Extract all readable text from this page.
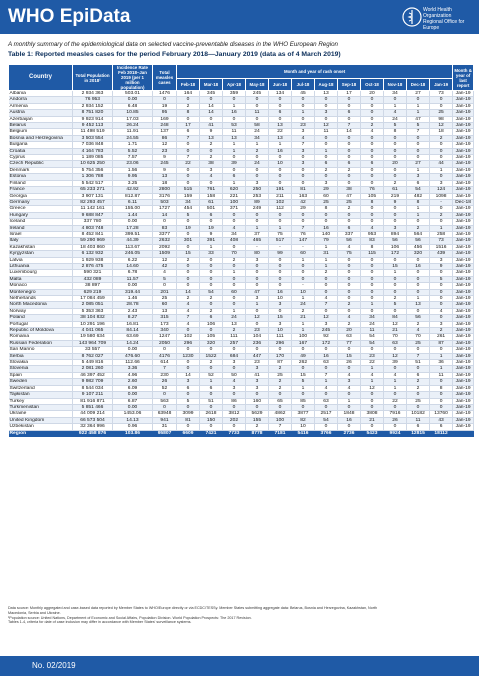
WHO EpiData	World Health
Organization
Regional Office for
Europe
A monthly summary of the epidemiological data on selected vaccine-preventable diseases in the WHO European Region
Table 1: Reported measles cases for the period February 2018—January 2019 (data as of 4 March 2019)
Country	Total Population in 2018¹	Incidence Rate Feb 2018–Jan 2019 (per 1 million population)	Total measles cases	Month and year of rash onset												Month & year of last report
				Feb-18	Mar-18	Apr-18	May-18	Jun-18	Jul-18	Aug-18	Sep-18	Oct-18	Nov-18	Dec-18	Jan-19	
Albania	2 934 363	503.01	1476	164	345	359	245	134	45	13	17	20	34	27	73	Jan-19
Andorra	76 953	0.00	0	0	0	0	0	0	0	0	0	0	0	0	0	Jan-19
Armenia	2 934 152	6.48	19	2	14	1	0	0	0	0	0	0	1	1	0	Jan-19
Austria	8 751 820	10.85	95	8	14	16	11	6	1	3	6	0	4	1	25	Jan-19
Azerbaijan	9 923 914	17.03	169	0	0	0	0	0	0	0	0	0	24	47	98	Jan-19
Belarus	9 452 113	26.24	248	17	41	53	58	13	23	12	7	2	5	5	12	Jan-19
Belgium	11 498 519	11.91	137	6	9	11	24	22	3	11	14	4	8	7	18	Jan-19
Bosnia and Herzegovina	3 503 554	24.55	86	7	13	13	34	13	4	0	0	0	0	0	2	Jan-19
Bulgaria	7 036 848	1.71	12	0	2	1	1	1	7	0	0	0	0	0	0	Jan-19
Croatia	4 164 783	5.52	23	0	0	1	2	16	3	1	0	0	0	0	0	Jan-19
Cyprus	1 189 085	7.57	9	7	2	0	0	0	0	0	0	0	0	0	0	Jan-19
Czech Republic	10 625 250	23.06	245	22	38	39	24	10	3	6	6	6	20	27	44	Jan-19
Denmark	5 754 356	1.56	9	0	3	0	0	0	0	2	2	0	0	1	1	Jan-19
Estonia	1 306 788	9.95	13	0	4	6	0	0	0	0	0	0	0	3	0	Jan-19
Finland	5 542 517	3.25	18	0	0	1	3	0	0	3	0	0	2	6	3	Jan-19
France	65 233 271	42.92	2800	515	761	620	250	191	81	29	38	76	61	54	124	Jan-19
Georgia	3 907 131	812.87	3176	159	158	221	253	211	163	60	47	105	219	482	1098	Jan-19
Germany	82 293 457	6.11	503	34	61	100	89	102	42	25	25	8	9	8	-	Dec-18
Greece	11 142 161	155.00	1727	454	501	371	249	112	29	8	2	0	0	1	0	Jan-19
Hungary	9 688 847	1.44	14	5	6	0	0	0	0	0	0	0	0	1	2	Jan-19
Iceland	337 780	0.00	0	0	0	0	0	0	0	0	0	0	0	0	0	Jan-19
Ireland	4 803 748	17.28	83	19	19	4	1	1	7	16	6	4	3	2	1	Jan-19
Israel	8 452 841	399.51	3377	0	9	34	37	75	76	140	337	953	894	564	258	Jan-19
Italy	59 290 969	44.39	2632	301	391	408	465	517	147	79	56	83	56	56	73	Jan-19
Kazakhstan	18 403 860	113.67	2092	0	1	0	-	-	-	1	4	8	106	456	1516	Jan-19
Kyrgyzstan	6 132 932	246.05	1509	15	33	70	80	99	60	31	75	115	172	320	439	Jan-19
Latvia	1 929 938	6.22	12	2	0	2	3	0	1	1	0	0	0	0	3	Jan-19
Lithuania	2 876 475	14.60	42	0	0	0	0	0	0	1	0	0	15	16	9	Jan-19
Luxembourg	590 321	6.78	4	0	0	1	0	0	0	2	0	0	1	0	0	Jan-19
Malta	432 089	11.57	5	0	0	0	0	0	0	0	0	0	0	0	5	Jan-19
Monaco	38 897	0.00	0	0	0	0	0	0	-	0	0	0	0	0	0	Jan-19
Montenegro	629 219	319.44	201	14	54	60	47	16	10	0	0	0	0	0	0	Jan-19
Netherlands	17 084 459	1.46	25	2	2	0	3	10	1	4	0	0	2	1	0	Jan-19
North Macedonia	2 085 051	28.78	60	4	0	0	1	3	24	7	2	1	5	13	0	Jan-19
Norway	5 353 363	2.43	13	4	2	1	0	0	2	0	0	0	0	0	4	Jan-19
Poland	38 104 832	8.27	315	7	6	24	12	15	21	12	4	34	84	56	0	Jan-19
Portugal	10 291 196	16.81	173	4	106	13	0	3	1	3	2	24	12	2	3	Jan-19
Republic of Moldova	4 041 065	84.14	340	0	0	2	23	10	1	245	20	11	21	4	2	Jan-19
Romania	19 580 634	63.69	1247	102	105	111	104	111	100	92	63	54	70	70	261	Jan-19
Russian Federation	143 964 709	14.24	2050	296	320	257	236	296	167	172	77	54	63	25	87	Jan-19
San Marino	33 557	0.00	0	0	0	0	0	0	0	0	0	0	0	0	0	Jan-19
Serbia	8 762 027	476.60	4176	1230	1522	684	447	170	49	16	15	23	12	7	1	Jan-19
Slovakia	5 449 816	112.66	614	0	2	3	23	87	262	63	26	22	39	51	36	Jan-19
Slovenia	2 081 260	3.36	7	0	0	0	3	2	0	0	0	1	0	0	1	Jan-19
Spain	46 397 452	4.96	230	14	52	50	41	25	15	7	4	4	4	6	11	Jan-19
Sweden	9 982 709	2.60	26	3	1	4	3	2	5	1	3	1	1	2	0	Jan-19
Switzerland	8 544 034	6.09	52	6	6	3	3	2	1	4	4	12	1	2	8	Jan-19
Tajikistan	9 107 211	0.00	0	0	0	0	0	0	0	0	0	0	0	0	0	Jan-19
Turkey	81 916 871	6.87	563	5	51	86	160	65	85	63	1	0	22	25	0	Jan-19
Turkmenistan	5 851 466	0.00	0	0	0	0	0	0	0	0	0	0	0	0	0	Jan-19
Ukraine	44 009 214	1453.06	63948	3099	2618	3812	5629	4862	3877	2517	1848	3808	7916	10182	13760	Jan-19
United Kingdom	66 573 504	14.13	941	81	150	202	155	100	82	54	16	21	26	11	43	Jan-19
Uzbekistan	32 364 996	0.96	31	0	0	0	2	7	10	0	0	0	0	6	6	Jan-19
Region	922 458 876	103.86	95807	6609	7421	7733	8778	7181	5416	3766	2736	5423	9924	12815	18112	
Data source: Monthly aggregated and case-based data reported by Member States to WHO/Europe directly or via ECDC/TESSy. Member States submitting aggregate data: Belarus, Bosnia and Herzegovina, Kazakhstan, North
Macedonia, Serbia and Ukraine.
¹Population source: United Nations, Department of Economic and Social Affairs, Population Division. World Population Prospects: The 2017 Revision.
Tables 1-4, criteria for date of case inclusion may differ in accordance with Member States' surveillance systems.
No. 02/2019
